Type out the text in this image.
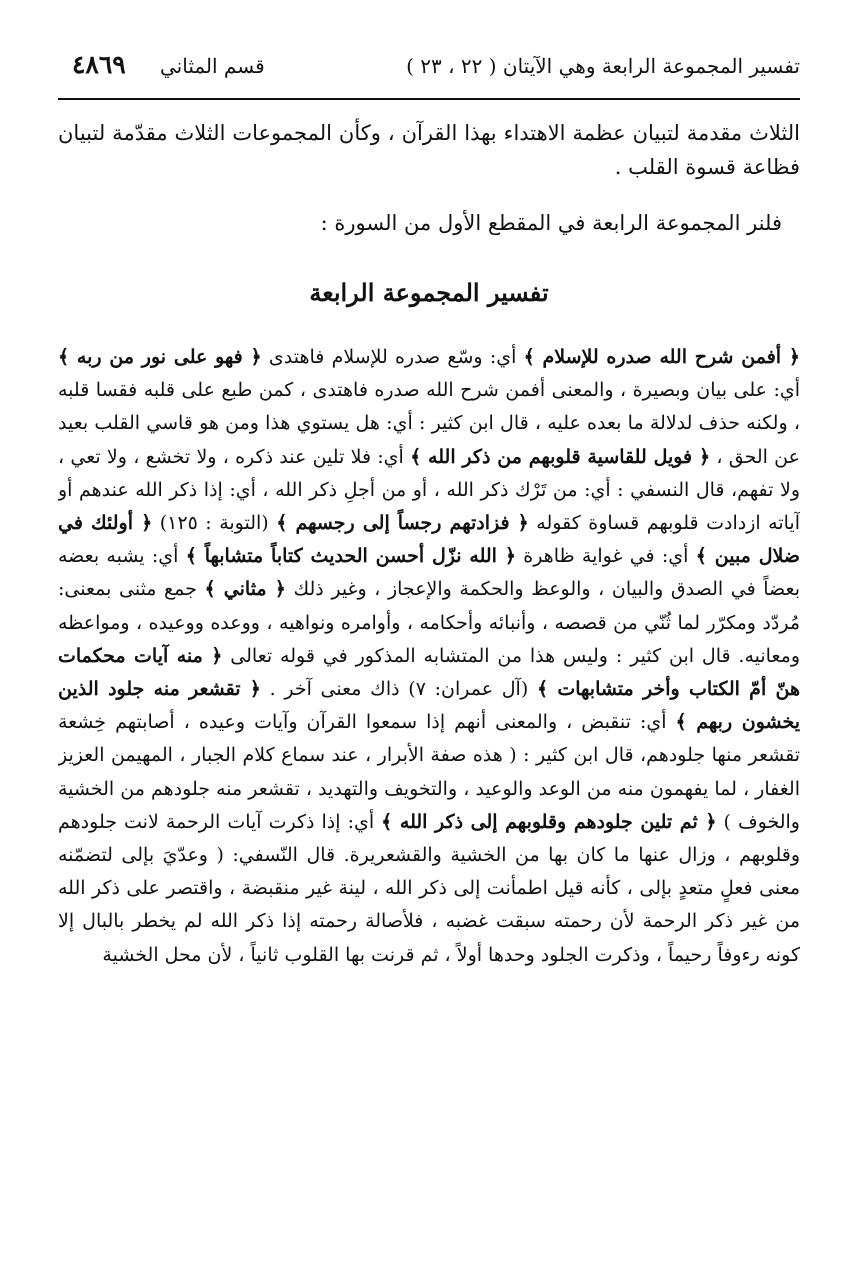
تفسير المجموعة الرابعة وهي الآيتان ( ٢٢ ، ٢٣ )
قسم المثاني
٤٨٦٩

الثلاث مقدمة لتبيان عظمة الاهتداء بهذا القرآن ، وكأن المجموعات الثلاث مقدّمة لتبيان فظاعة قسوة القلب .

فلنر المجموعة الرابعة في المقطع الأول من السورة :

تفسير المجموعة الرابعة

﴿ أفمن شرح الله صدره للإسلام ﴾ أي: وسّع صدره للإسلام فاهتدى ﴿ فهو على نور من ربه ﴾ أي: على بيان وبصيرة ، والمعنى أفمن شرح الله صدره فاهتدى ، كمن طبع على قلبه فقسا قلبه ، ولكنه حذف لدلالة ما بعده عليه ، قال ابن كثير : أي: هل يستوي هذا ومن هو قاسي القلب بعيد عن الحق ، ﴿ فويل للقاسية قلوبهم من ذكر الله ﴾ أي: فلا تلين عند ذكره ، ولا تخشع ، ولا تعي ، ولا تفهم، قال النسفي : أي: من تَرْك ذكر الله ، أو من أجلِ ذكر الله ، أي: إذا ذكر الله عندهم أو آياته ازدادت قلوبهم قساوة كقوله ﴿ فزادتهم رجساً إلى رجسهم ﴾ (التوبة : ١٢٥) ﴿ أولئك في ضلال مبين ﴾ أي: في غواية ظاهرة ﴿ الله نزّل أحسن الحديث كتاباً متشابهاً ﴾ أي: يشبه بعضه بعضاً في الصدق والبيان ، والوعظ والحكمة والإعجاز ، وغير ذلك ﴿ مثاني ﴾ جمع مثنى بمعنى: مُردّد ومكرّر لما ثُنّي من قصصه ، وأنبائه وأحكامه ، وأوامره ونواهيه ، ووعده ووعيده ، ومواعظه ومعانيه. قال ابن كثير : وليس هذا من المتشابه المذكور في قوله تعالى ﴿ منه آيات محكمات هنّ أمّ الكتاب وأخر متشابهات ﴾ (آل عمران: ٧) ذاك معنى آخر . ﴿ تقشعر منه جلود الذين يخشون ربهم ﴾ أي: تنقبض ، والمعنى أنهم إذا سمعوا القرآن وآيات وعيده ، أصابتهم خِشعة تقشعر منها جلودهم، قال ابن كثير : ( هذه صفة الأبرار ، عند سماع كلام الجبار ، المهيمن العزيز الغفار ، لما يفهمون منه من الوعد والوعيد ، والتخويف والتهديد ، تقشعر منه جلودهم من الخشية والخوف ) ﴿ ثم تلين جلودهم وقلوبهم إلى ذكر الله ﴾ أي: إذا ذكرت آيات الرحمة لانت جلودهم وقلوبهم ، وزال عنها ما كان بها من الخشية والقشعريرة. قال النّسفي: ( وعدّيَ بإلى لتضمّنه معنى فعلٍ متعدٍ بإلى ، كأنه قيل اطمأنت إلى ذكر الله ، لينة غير منقبضة ، واقتصر على ذكر الله من غير ذكر الرحمة لأن رحمته سبقت غضبه ، فلأصالة رحمته إذا ذكر الله لم يخطر بالبال إلا كونه رءوفاً رحيماً ، وذكرت الجلود وحدها أولاً ، ثم قرنت بها القلوب ثانياً ، لأن محل الخشية
